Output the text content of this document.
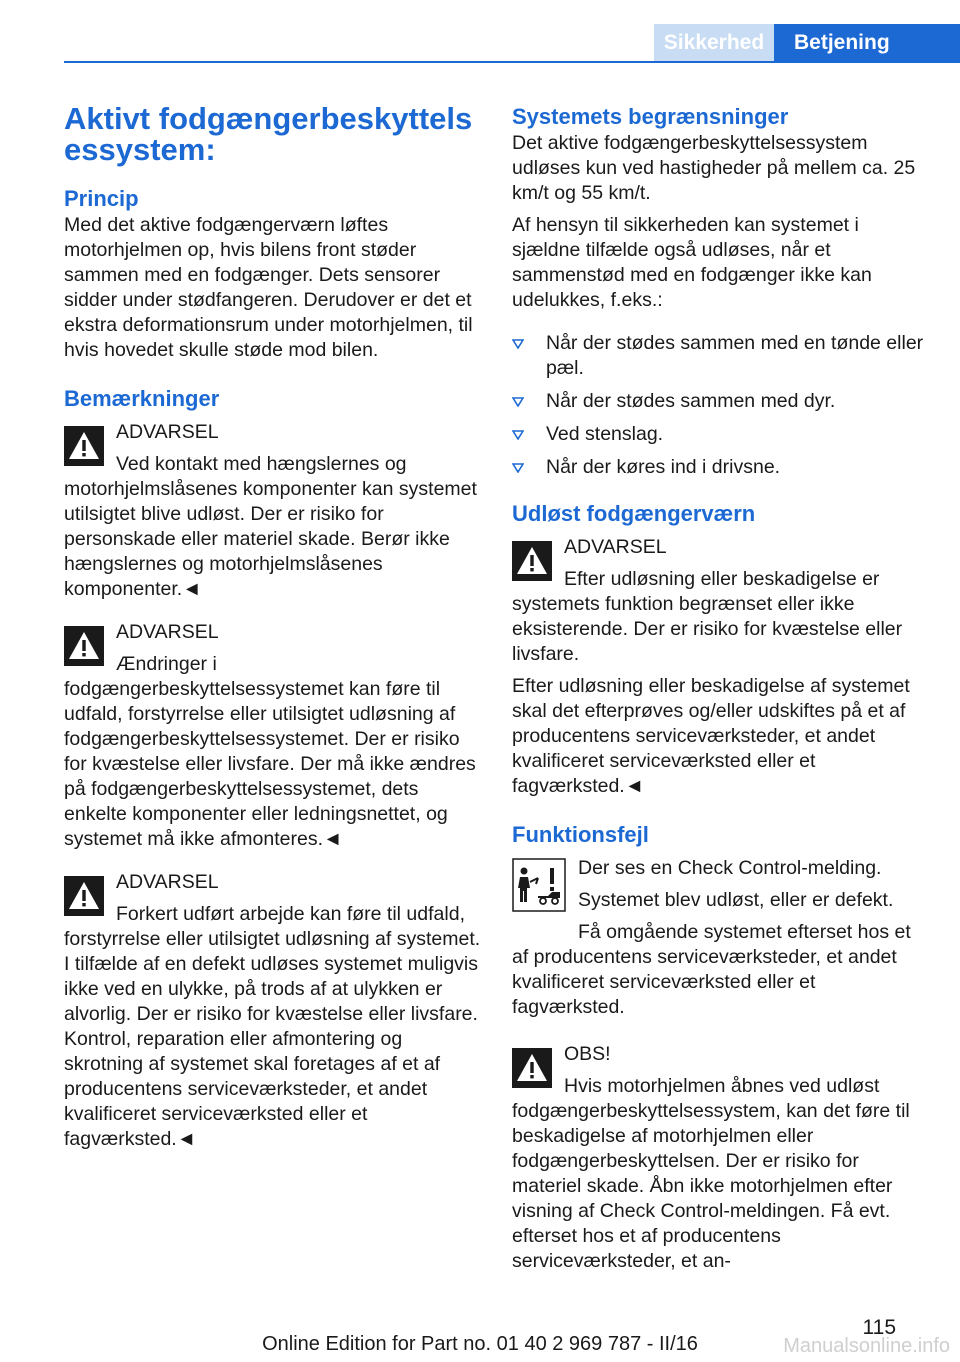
Sikkerhed	Betjening
Aktivt fodgængerbeskyttelsessystem:
Princip

Med det aktive fodgængerværn løftes motorhjelmen op, hvis bilens front støder sammen med en fodgænger. Dets sensorer sidder under stødfangeren. Derudover er det et ekstra deformationsrum under motorhjelmen, til hvis hovedet skulle støde mod bilen.

Bemærkninger
ADVARSEL

Ved kontakt med hængslernes og motorhjelmslåsenes komponenter kan systemet utilsigtet blive udløst. Der er risiko for personskade eller materiel skade. Berør ikke hængslernes og motorhjelmslåsenes komponenter.◄

ADVARSEL

Ændringer i fodgængerbeskyttelsessystemet kan føre til udfald, forstyrrelse eller utilsigtet udløsning af fodgængerbeskyttelsessystemet. Der er risiko for kvæstelse eller livsfare. Der må ikke ændres på fodgængerbeskyttelsessystemet, dets enkelte komponenter eller ledningsnettet, og systemet må ikke afmonteres.◄

ADVARSEL

Forkert udført arbejde kan føre til udfald, forstyrrelse eller utilsigtet udløsning af systemet. I tilfælde af en defekt udløses systemet muligvis ikke ved en ulykke, på trods af at ulykken er alvorlig. Der er risiko for kvæstelse eller livsfare. Kontrol, reparation eller afmontering og skrotning af systemet skal foretages af et af producentens serviceværksteder, et andet kvalificeret serviceværksted eller et fagværksted.◄

Systemets begrænsninger

Det aktive fodgængerbeskyttelsessystem udløses kun ved hastigheder på mellem ca. 25 km/t og 55 km/t.

Af hensyn til sikkerheden kan systemet i sjældne tilfælde også udløses, når et sammenstød med en fodgænger ikke kan udelukkes, f.eks.:

Når der stødes sammen med en tønde eller pæl.
Når der stødes sammen med dyr.
Ved stenslag.
Når der køres ind i drivsne.
Udløst fodgængerværn
ADVARSEL

Efter udløsning eller beskadigelse er systemets funktion begrænset eller ikke eksisterende. Der er risiko for kvæstelse eller livsfare.

Efter udløsning eller beskadigelse af systemet skal det efterprøves og/eller udskiftes på et af producentens serviceværksteder, et andet kvalificeret serviceværksted eller et fagværksted.◄

Funktionsfejl

Der ses en Check Control-melding.

Systemet blev udløst, eller er defekt.

Få omgående systemet efterset hos et af producentens serviceværksteder, et andet kvalificeret serviceværksted eller et fagværksted.

OBS!

Hvis motorhjelmen åbnes ved udløst fodgængerbeskyttelsessystem, kan det føre til beskadigelse af motorhjelmen eller fodgængerbeskyttelsen. Der er risiko for materiel skade. Åbn ikke motorhjelmen efter visning af Check Control-meldingen. Få evt. efterset hos et af producentens serviceværksteder, et an-

115
Online Edition for Part no. 01 40 2 969 787 - II/16	Manualsonline.info
